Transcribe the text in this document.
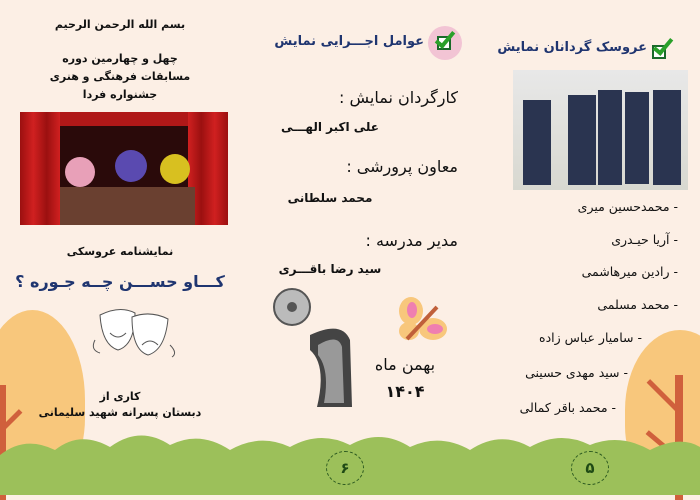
بسم الله الرحمن الرحیم
چهل و چهارمین دوره
مسابقات فرهنگی و هنری
جشنواره فردا
نمایشنامه عروسکی
کـــاو حســـن چــه جـوره ؟
کاری از
دبستان پسرانه شهید سلیمانی
عوامل اجـــرایی نمایش
کارگردان نمایش :
علی اکبر الهـــی
معاون پرورشی :
محمد سلطانی
مدیر مدرسه :
سید رضا باقـــری
بهمن ماه
۱۴۰۴
۶
عروسک گردانان نمایش
- محمدحسین میری
- آریا حیـدری
- رادین میرهاشمی
- محمد مسلمی
- سامیار عباس زاده
- سید مهدی حسینی
- محمد باقر کمالی
۵
